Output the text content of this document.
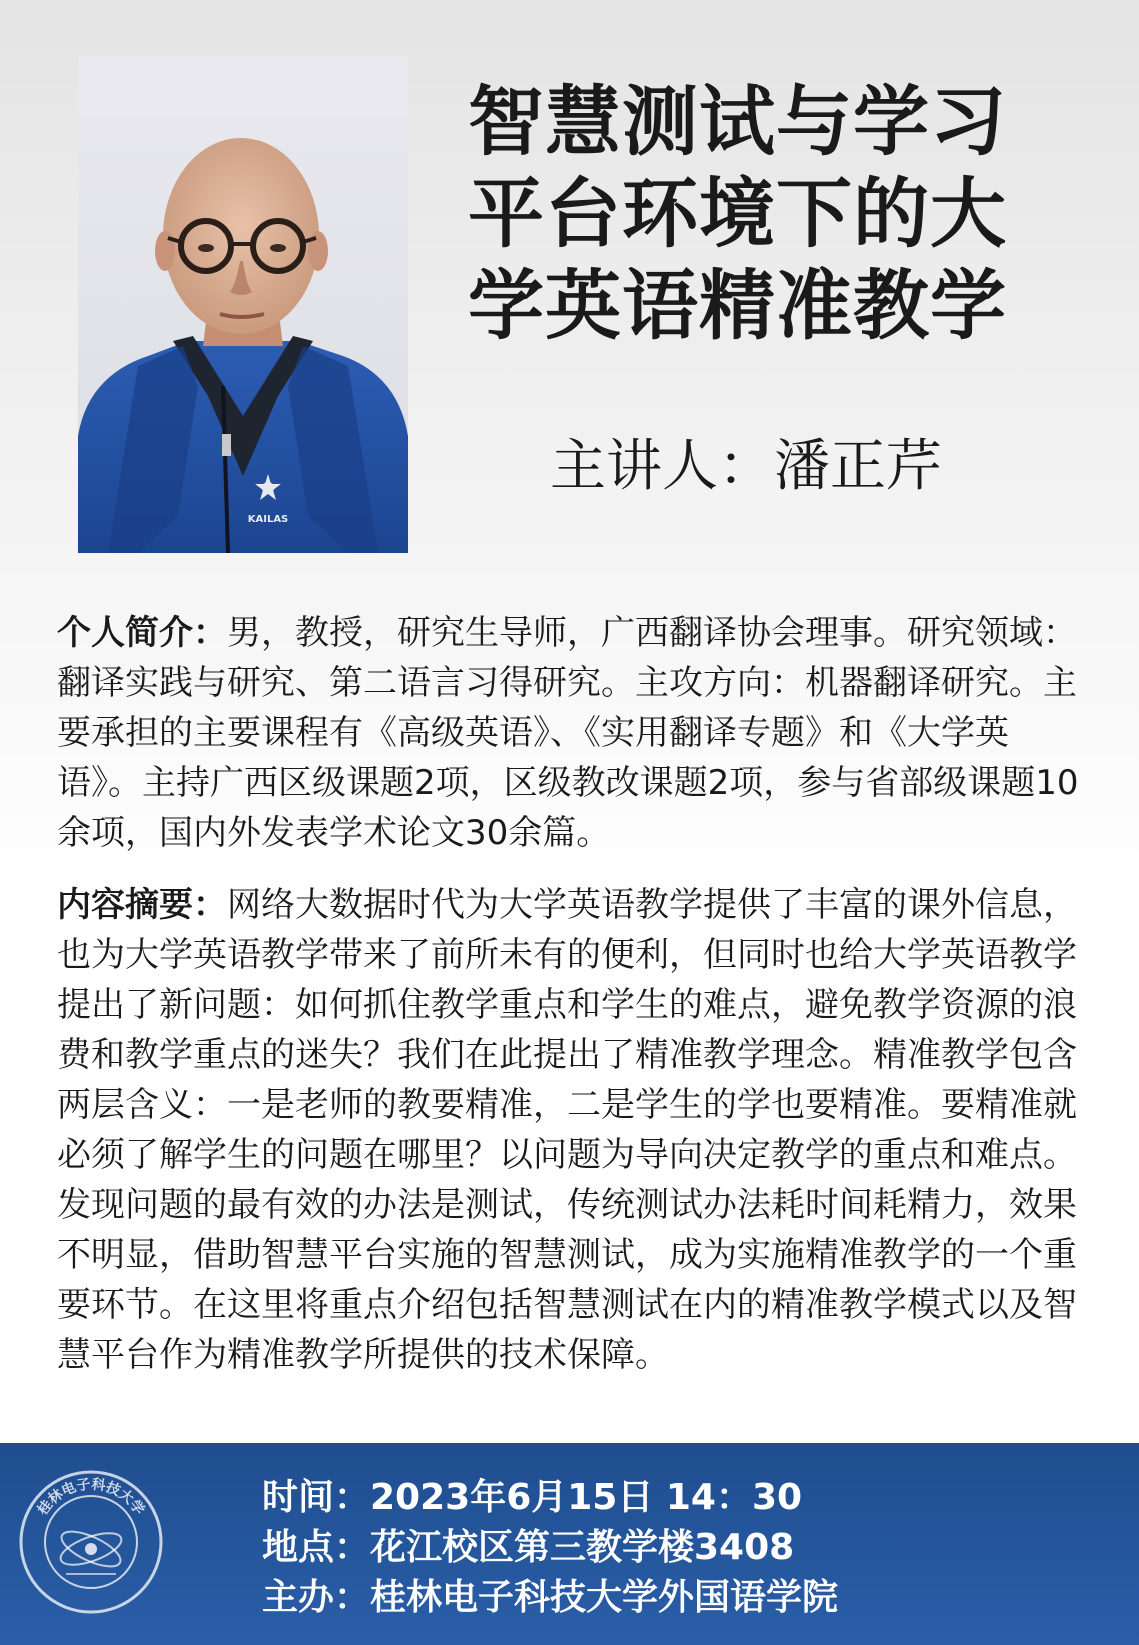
KAILAS
智慧测试与学习
平台环境下的大
学英语精准教学
主讲人：潘正芹
个人简介：男，教授，研究生导师，广西翻译协会理事。研究领域：翻译实践与研究、第二语言习得研究。主攻方向：机器翻译研究。主要承担的主要课程有《高级英语》、《实用翻译专题》和《大学英语》。主持广西区级课题2项，区级教改课题2项，参与省部级课题10余项，国内外发表学术论文30余篇。
内容摘要：网络大数据时代为大学英语教学提供了丰富的课外信息，也为大学英语教学带来了前所未有的便利，但同时也给大学英语教学提出了新问题：如何抓住教学重点和学生的难点，避免教学资源的浪费和教学重点的迷失？我们在此提出了精准教学理念。精准教学包含两层含义：一是老师的教要精准，二是学生的学也要精准。要精准就必须了解学生的问题在哪里？以问题为导向决定教学的重点和难点。发现问题的最有效的办法是测试，传统测试办法耗时间耗精力，效果不明显，借助智慧平台实施的智慧测试，成为实施精准教学的一个重要环节。在这里将重点介绍包括智慧测试在内的精准教学模式以及智慧平台作为精准教学所提供的技术保障。
桂林电子科技大学	时间：2023年6月15日 14：30
地点：花江校区第三教学楼3408
主办：桂林电子科技大学外国语学院
